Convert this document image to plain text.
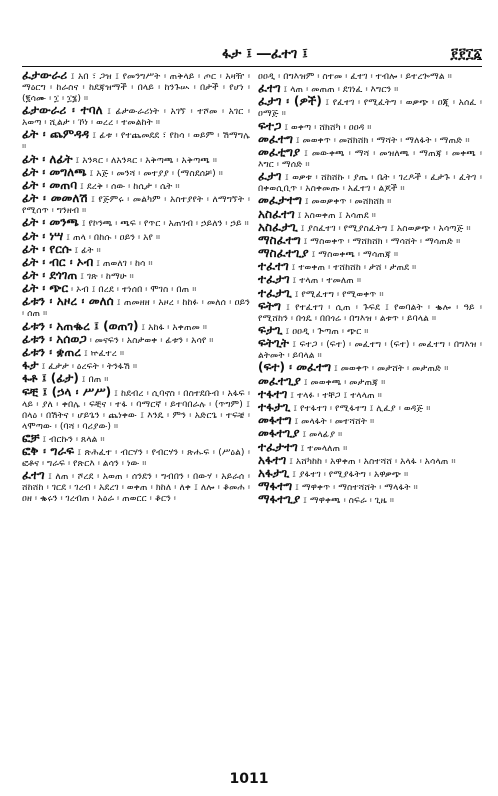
ፋታ ፤ ―ፈተገ ፤	፻፻፲፩

ፈታውራሪ ፤ አበ ፣ ጋዝ ፤ የመንግሥት ፡ ጠቅላይ ፡ ጦር ፡ አዛዥ ፡ ማዕርግ ፡ ከራስና ፡ ከደጃዝማች ፡ በላይ ፡ ከንጉሡ ፡ በታች ፡ የሆነ ፡ (፪ሳሙ ፡ ፲ ፡ ፲፮) ።

ፊታውራሪ ፡ ተባለ ፤ ፊታውራሪነት ፡ አገኘ ፡ ተሾመ ፡ አገር ፡ አወጣ ፡ ሺልታ ፡ ኾነ ፡ ወረረ ፡ ተመልከት ።

ፊት ፡ ጨምዳዳ ፤ ፊቱ ፡ የተጨመደደ ፣ የከሳ ፡ ወይም ፡ ሽማግሌ ።

ፊት ፡ ለፊት ፤ አንጻር ፡ ለአንጻር ፡ አቅጣጫ ፡ አቅጣጫ ።

ፊት ፡ መግለጫ ፤ አጅ ፡ መንሻ ፡ መተያያ ፡ (ማስደሰቻ) ።

ፊት ፡ መጠባ ፤ ደረቅ ፡ ሰው ፡ ከሲታ ፡ ሴት ።

ፊት ፡ መመለሽ ፤ የጅምሩ ፡ መልካም ፡ አስተያየት ፡ ለማግኘት ፡ የሚሰጥ ፡ ግንዘብ ።

ፊት ፡ መንጫ ፤ የኮንጫ ፡ ጫፍ ፡ የጥር ፡ አጠገብ ፡ ኃይለን ፡ ኃይ ።

ፊት ፡ ነሣ ፤ ጠላ ፡ በከሱ ፡ ዐይን ፡ አየ ።

ፊት ፡ የርሱ ፤ ፊት ።

ፊት ፡ ብር ፡ ኦብ ፤ ጠወለገ ፡ ከሳ ።

ፊት ፡ ደጎገጠ ፤ ገጽ ፡ ከማሁ ።

ፊት ፡ ጭር ፡ ኦብ ፤ በረደ ፡ ተነሰበ ፡ ሞገስ ፡ በጠ ።

ፊቱን ፡ አዞረ ፡ መለሰ ፤ ጠመዘዘ ፡ አዞረ ፡ ከከፉ ፡ መለሰ ፡ ዐይን ፡ ሰጠ ።

ፊቱን ፡ አጠቈረ ፤ (ወጠገ) ፤ አከፋ ፡ አቀጠመ ።

ፊቱን ፡ አሰወጋ ፡ መናፍን ፡ አስታወቀ ፡ ፊቱን ፡ አሳየ ።

ፊቱን ፡ ቋጠረ ፤ ኵፈተረ ።

ፋታ ፤ ፈታታ ፡ ዕረፍት ፡ ትንፋሽ ።

ፋቶ ፤ (ፊታ) ፤ በጠ ።

ፍቺ ፤ (ኃላ ፡ ሥሥ) ፤ ከደብረ ፡ ሲባኖስ ፡ በስተደቡብ ፡ አፋፍ ፡ ላይ ፡ ያለ ፡ ቀበሌ ፡ ፍቺና ፡ ተፋ ፡ ባማርኛ ፡ ይተባበራሉ ፡ (ጥግም) ፤ በላዕ ፡ በሽትና ፡ ሆይጌን ፡ ጨነቀው ፤ እንዴ ፡ ምን ፡ አድርጌ ፡ ተፍቼ ፡ ላሞጣው ፡ (ባሻ ፡ ባሪያው) ።

ፎቻ ፤ ብርኩን ፡ ጸላል ።

ፎቅ ፡ ግራፍ ፤ ጽሕፈተ ፡ ብርሃን ፡ የብርሃን ፡ ጽሑፍ ፡ (ሥዕል) ፡ ፎቶና ፡ ግራፍ ፡ የጽርእ ፡ ልሳን ፡ ነው ።

ፈተገ ፤ ለጠ ፡ ሾረደ ፡ አወጠ ፡ ሰንደን ፡ ግብበን ፡ በውሃ ፡ አይራሰ ፡ ሸከሸከ ፡ ገርደ ፡ ገረብ ፡ አደረገ ፡ ወቀጠ ፡ ክከለ ፡ ለቀ ፤ ለሎ ፡ ቆመሐ ፡ ዐዘ ፡ ቈሩን ፡ ገረብጠ ፡ አዕራ ፡ ጠወርር ፡ ቆርን ፡

ዐዐዲ ፡ በግእዝም ፡ ስተመ ፡ ፈተገ ፡ ተብሎ ፡ ይተረጐማል ።

ፈተገ ፤ ላጠ ፡ መጠጠ ፡ ደገነፈ ፡ እግርን ።

ፈታገ ፡ (ዎች) ፤ የፈተገ ፡ የሚፈትግ ፡ ወቃጭ ፡ ዐጂ ፡ አሰፈ ፡ ዐማጅ ።

ፍተጋ ፤ ወቀጣ ፡ ሸክሸካ ፡ ዐዐዳ ።

መፈተግ ፤ መወቀጥ ፡ መሸክሸክ ፡ ማሻት ፡ ማለፋት ፡ ማጠድ ።

መፈቲግያ ፤ መውቀጫ ፡ ማሻ ፡ መዝለጫ ፡ ማጠጃ ፡ መቀጫ ፡ እግር ፡ ማሰድ ።

ፈታገ ፤ ወቃቱ ፡ ሸከሸኩ ፡ ያጤ ፡ ቤት ፡ ገረዶች ፡ ፈታጉ ፡ ፈትገ ፡ በቀወሲቢጥ ፡ አስቀመጡ ፡ አፈተገ ፡ ልጆች ።

መፈታተግ ፤ መወቃቀጥ ፡ መሸክሸክ ።

አስፈተገ ፤ አስወቀጠ ፤ አሳጠደ ።

አስፈታጊ ፤ ያስፈተገ ፡ የሚያስፈትግ ፤ አስወቃጭ ፡ አሳጣጅ ።

ማስፈተግ ፤ ማስወቀጥ ፡ ማሸክሸክ ፡ ማሳሸት ፡ ማሳጠድ ።

ማስፈተጊያ ፤ ማስወቀጫ ፡ ማሳጠጃ ።

ተፈተገ ፤ ተወቀጠ ፡ ተሸከሸከ ፡ ታሸ ፡ ታጠደ ።

ተፈታገ ፤ ተላጠ ፡ ተመለጠ ።

ተፈታጊ ፤ የሚፈተግ ፡ የሚወቀጥ ።

ፍትግ ፤ የተፈተገ ፡ ሲጠ ፡ ጉፍደ ፤ የወባልት ፡ ቈሎ ፡ ዓይ ፡ የሚሸከን ፡ በጎዴ ፡ በበጎሬ ፡ በግእዝ ፡ ልቱጥ ፡ ይባላል ።

ፍታጊ ፤ ዐዐዲ ፡ ጕጣጠ ፡ ጭር ።

ፍትጊት ፤ ፍተጋ ፡ (ፍተ) ፡ መፈተግ ፡ (ፍተ) ፡ መፈተግ ፡ በግእዝ ፡ ልትመት ፡ ይባላል ።

(ፍተ) ፡ መፈተግ ፤ መወቀጥ ፡ መታሸት ፡ መታጠድ ።

መፈተጊያ ፤ መወቀጫ ፡ መታጠጃ ።

ተፋተገ ፤ ተላፉ ፡ ተቸጋ ፤ ተላላጠ ።

ተፋታጊ ፤ የተፋተገ ፡ የሚፋተግ ፤ ሊፈያ ፡ ወዳጅ ።

መፋተግ ፤ መላፋት ፡ መተሻሸት ።

መፋተጊያ ፤ መላፊያ ።

ተፈታተገ ፤ ተመላለጠ ።

አፋተገ ፤ አሸካከከ ፡ አዋቀጠ ፡ አስተሻሸ ፡ አላፋ ፡ አሳላጠ ።

አፋታጊ ፤ ያፋተገ ፡ የሚያፋትግ ፡ አዋቃጭ ።

ማፋተግ ፤ ማዋቀጥ ፡ ማስተሻሸት ፡ ማላፋት ።

ማፋተጊያ ፤ ማዋቀጫ ፡ ስፍራ ፡ ጊዜ ።

1011
